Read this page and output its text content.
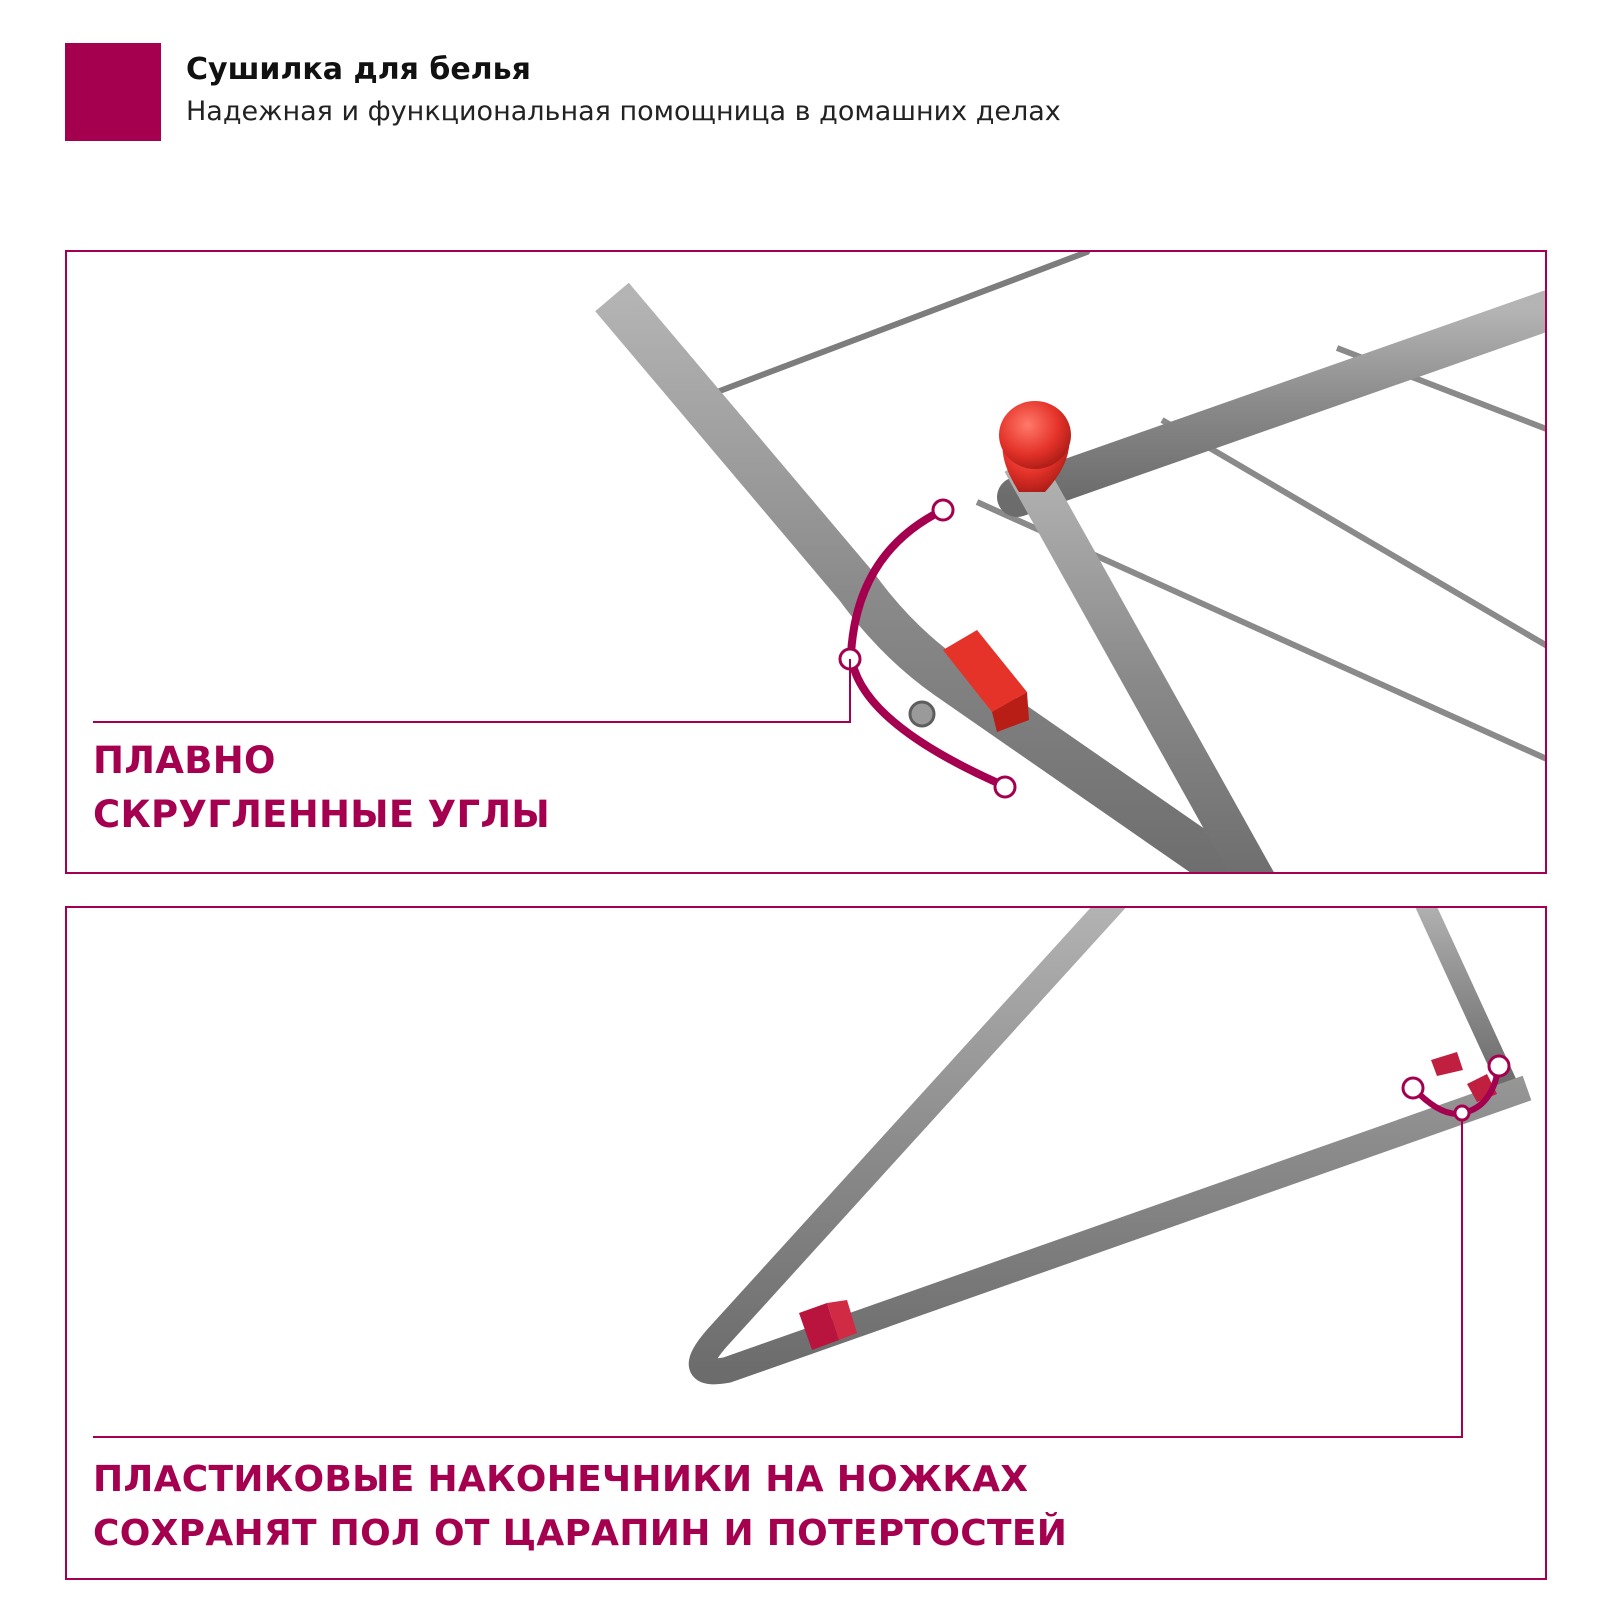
Сушилка для белья
Надежная и функциональная помощница в домашних делах
ПЛАВНО
СКРУГЛЕННЫЕ УГЛЫ
ПЛАСТИКОВЫЕ НАКОНЕЧНИКИ НА НОЖКАХ
СОХРАНЯТ ПОЛ ОТ ЦАРАПИН И ПОТЕРТОСТЕЙ
